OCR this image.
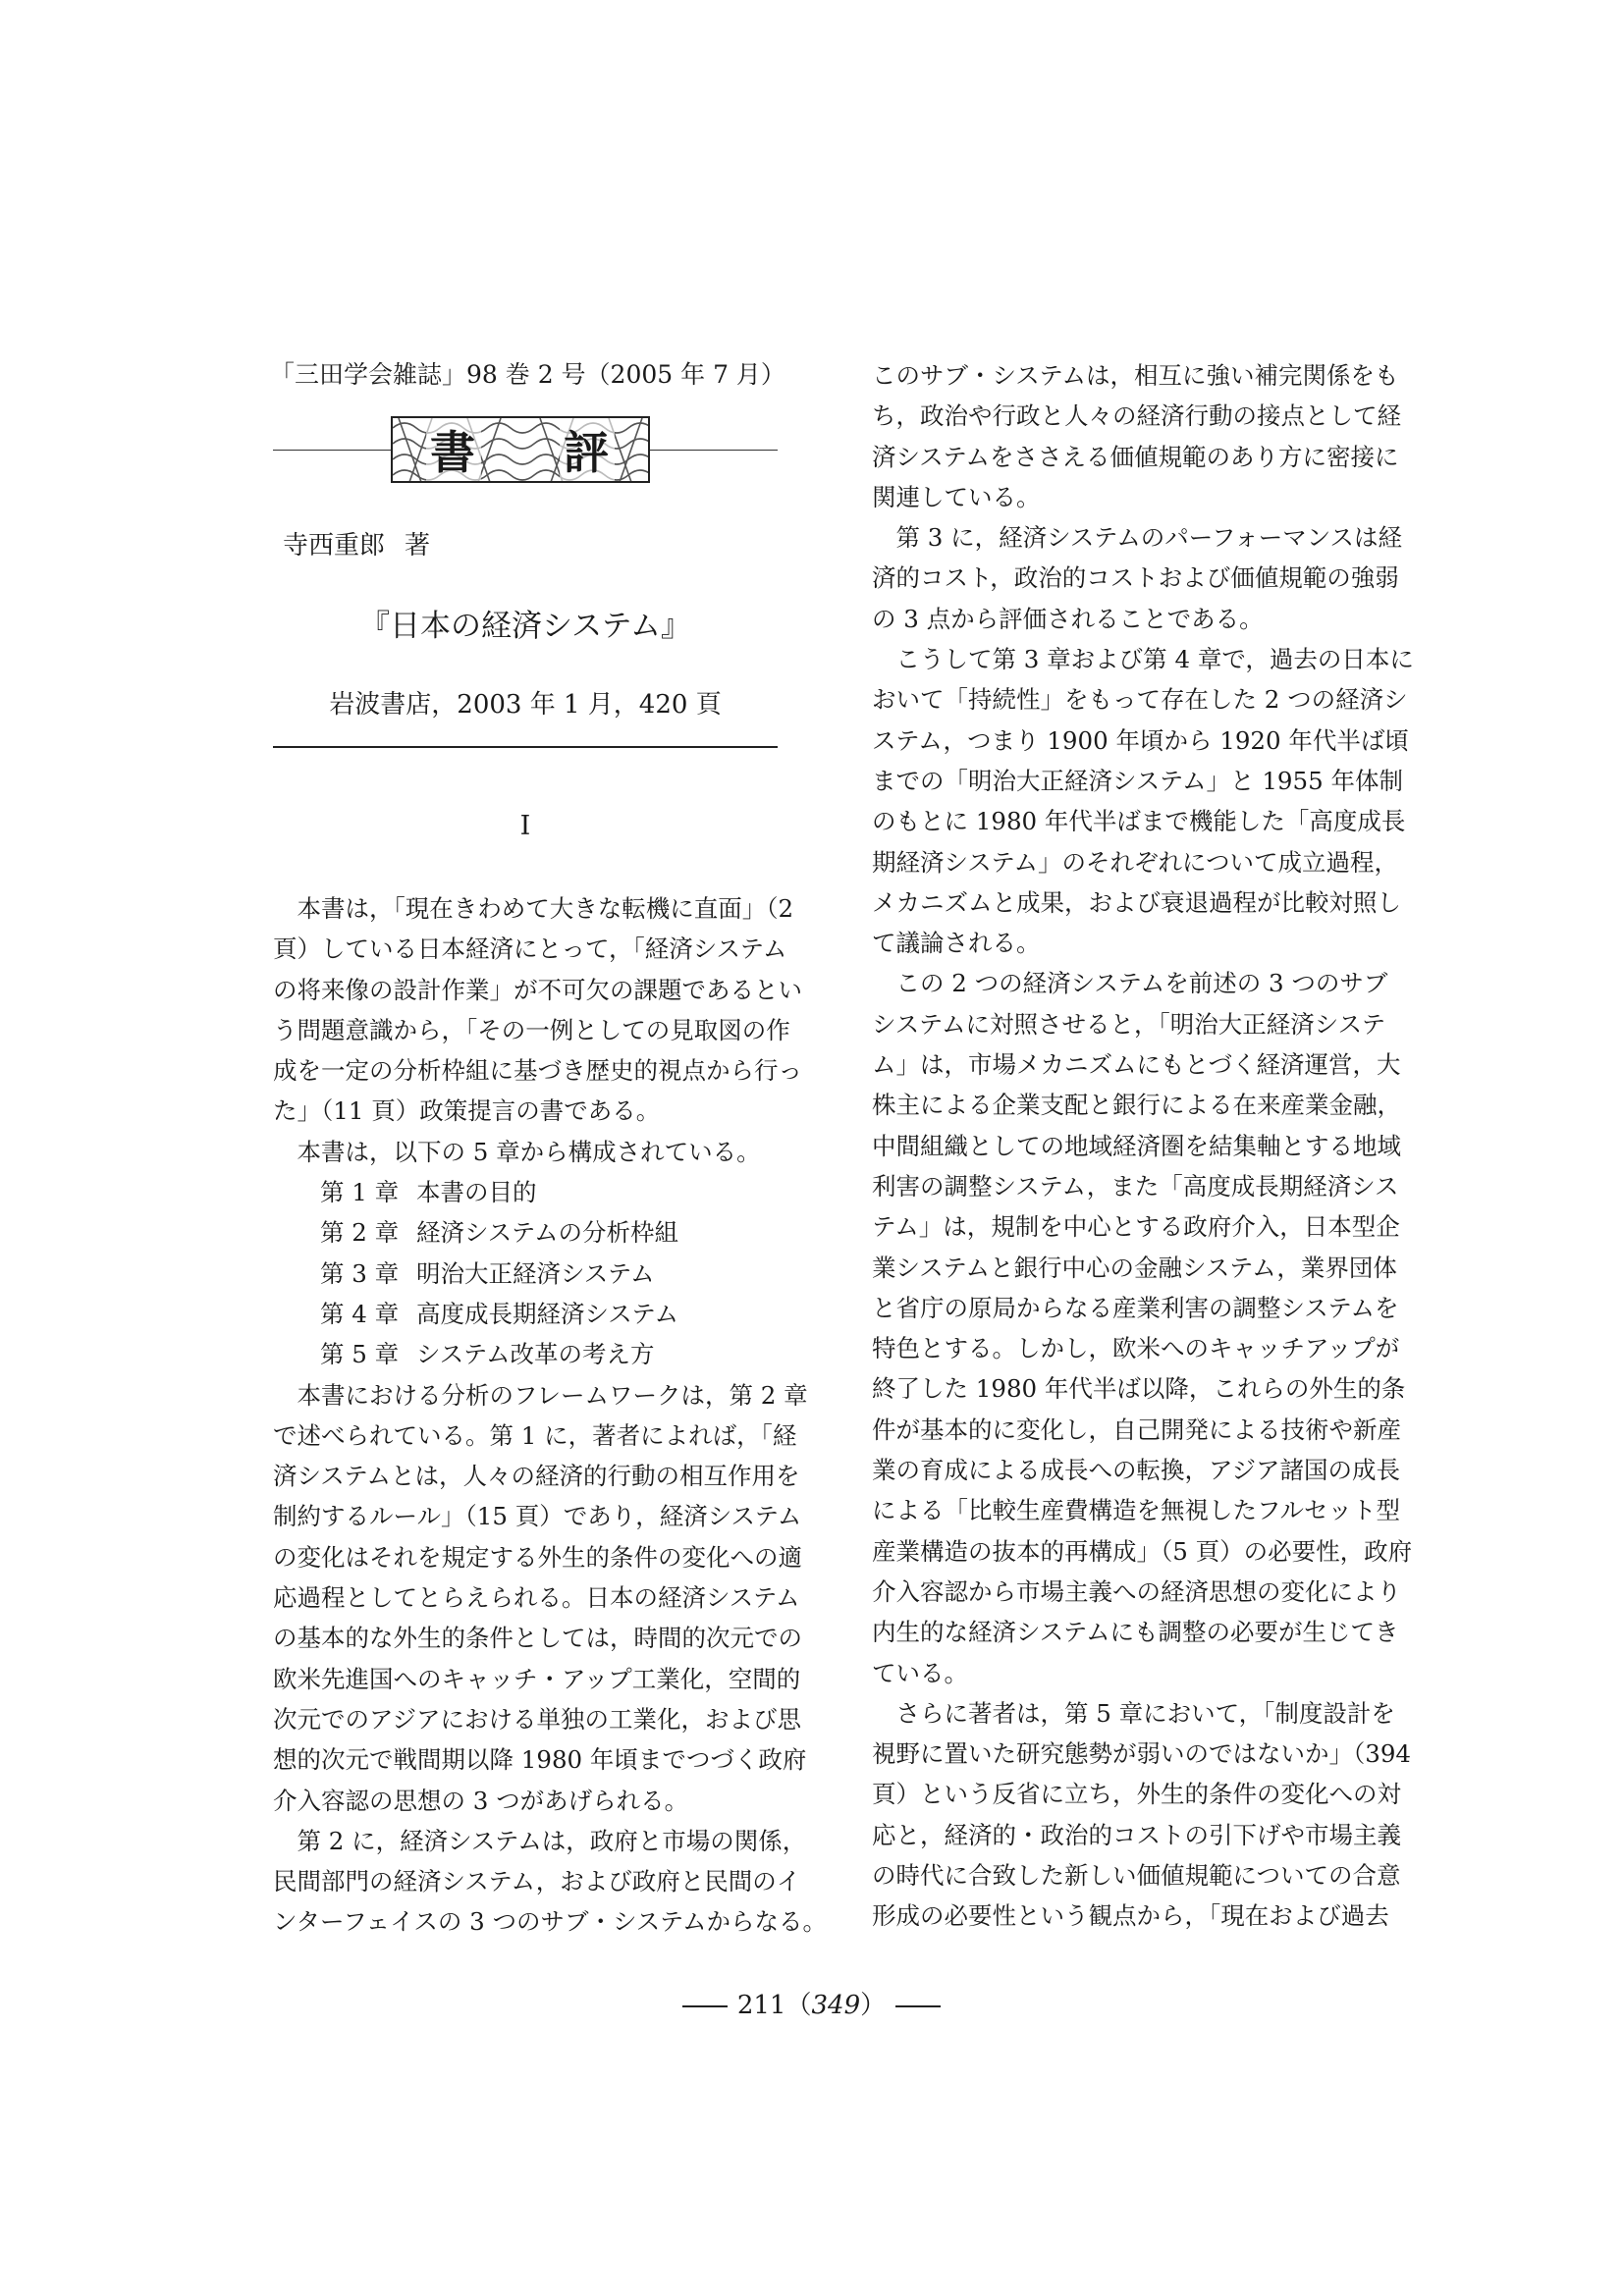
「三田学会雑誌」98 巻 2 号（2005 年 7 月）
書 評
寺西重郎 著
『日本の経済システム』
岩波書店，2003 年 1 月，420 頁
I

　本書は，「現在きわめて大きな転機に直面」（2

頁）している日本経済にとって，「経済システム

の将来像の設計作業」が不可欠の課題であるとい

う問題意識から，「その一例としての見取図の作

成を一定の分析枠組に基づき歴史的視点から行っ

た」（11 頁）政策提言の書である。

　本書は，以下の 5 章から構成されている。

第 1 章 本書の目的

第 2 章 経済システムの分析枠組

第 3 章 明治大正経済システム

第 4 章 高度成長期経済システム

第 5 章 システム改革の考え方

　本書における分析のフレームワークは，第 2 章

で述べられている。第 1 に，著者によれば，「経

済システムとは，人々の経済的行動の相互作用を

制約するルール」（15 頁）であり，経済システム

の変化はそれを規定する外生的条件の変化への適

応過程としてとらえられる。日本の経済システム

の基本的な外生的条件としては，時間的次元での

欧米先進国へのキャッチ・アップ工業化，空間的

次元でのアジアにおける単独の工業化，および思

想的次元で戦間期以降 1980 年頃までつづく政府

介入容認の思想の 3 つがあげられる。

　第 2 に，経済システムは，政府と市場の関係，

民間部門の経済システム，および政府と民間のイ

ンターフェイスの 3 つのサブ・システムからなる。

このサブ・システムは，相互に強い補完関係をも

ち，政治や行政と人々の経済行動の接点として経

済システムをささえる価値規範のあり方に密接に

関連している。

　第 3 に，経済システムのパーフォーマンスは経

済的コスト，政治的コストおよび価値規範の強弱

の 3 点から評価されることである。

　こうして第 3 章および第 4 章で，過去の日本に

おいて「持続性」をもって存在した 2 つの経済シ

ステム，つまり 1900 年頃から 1920 年代半ば頃

までの「明治大正経済システム」と 1955 年体制

のもとに 1980 年代半ばまで機能した「高度成長

期経済システム」のそれぞれについて成立過程，

メカニズムと成果，および衰退過程が比較対照し

て議論される。

　この 2 つの経済システムを前述の 3 つのサブ

システムに対照させると，「明治大正経済システ

ム」は，市場メカニズムにもとづく経済運営，大

株主による企業支配と銀行による在来産業金融，

中間組織としての地域経済圏を結集軸とする地域

利害の調整システム，また「高度成長期経済シス

テム」は，規制を中心とする政府介入，日本型企

業システムと銀行中心の金融システム，業界団体

と省庁の原局からなる産業利害の調整システムを

特色とする。しかし，欧米へのキャッチアップが

終了した 1980 年代半ば以降，これらの外生的条

件が基本的に変化し，自己開発による技術や新産

業の育成による成長への転換，アジア諸国の成長

による「比較生産費構造を無視したフルセット型

産業構造の抜本的再構成」（5 頁）の必要性，政府

介入容認から市場主義への経済思想の変化により

内生的な経済システムにも調整の必要が生じてき

ている。

　さらに著者は，第 5 章において，「制度設計を

視野に置いた研究態勢が弱いのではないか」（394

頁）という反省に立ち，外生的条件の変化への対

応と，経済的・政治的コストの引下げや市場主義

の時代に合致した新しい価値規範についての合意

形成の必要性という観点から，「現在および過去

211（349）
